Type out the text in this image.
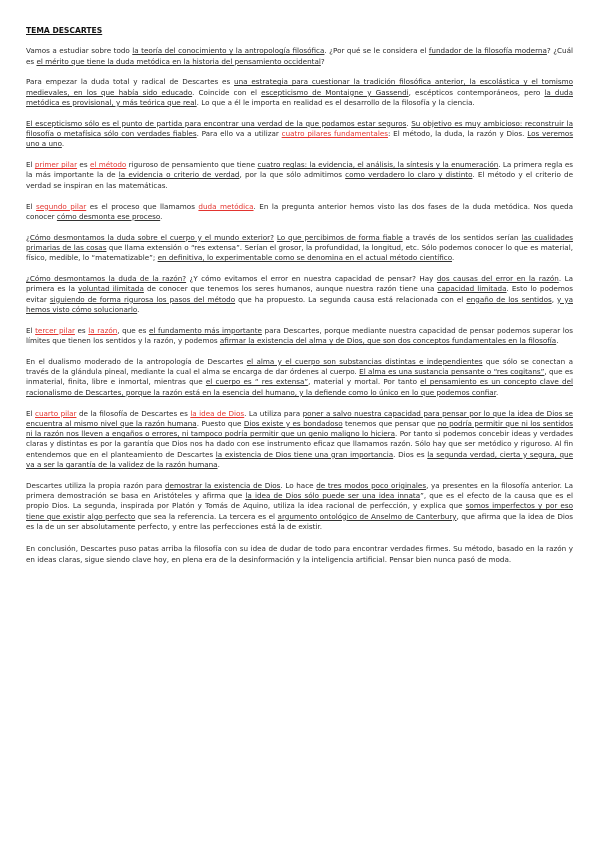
TEMA DESCARTES

Vamos a estudiar sobre todo la teoría del conocimiento y la antropología filosófica. ¿Por qué se le considera el fundador de la filosofía moderna? ¿Cuál es el mérito que tiene la duda metódica en la historia del pensamiento occidental?

Para empezar la duda total y radical de Descartes es una estrategia para cuestionar la tradición filosófica anterior, la escolástica y el tomismo medievales, en los que había sido educado. Coincide con el escepticismo de Montaigne y Gassendi, escépticos contemporáneos, pero la duda metódica es provisional, y más teórica que real. Lo que a él le importa en realidad es el desarrollo de la filosofía y la ciencia.

El escepticismo sólo es el punto de partida para encontrar una verdad de la que podamos estar seguros. Su objetivo es muy ambicioso: reconstruir la filosofía o metafísica sólo con verdades fiables. Para ello va a utilizar cuatro pilares fundamentales: El método, la duda, la razón y Dios. Los veremos uno a uno.

El primer pilar es el método riguroso de pensamiento que tiene cuatro reglas: la evidencia, el análisis, la síntesis y la enumeración. La primera regla es la más importante la de la evidencia o criterio de verdad, por la que sólo admitimos como verdadero lo claro y distinto. El método y el criterio de verdad se inspiran en las matemáticas.

El segundo pilar es el proceso que llamamos duda metódica. En la pregunta anterior hemos visto las dos fases de la duda metódica. Nos queda conocer cómo desmonta ese proceso.

¿Cómo desmontamos la duda sobre el cuerpo y el mundo exterior? Lo que percibimos de forma fiable a través de los sentidos serían las cualidades primarias de las cosas que llama extensión o “res extensa”. Serían el grosor, la profundidad, la longitud, etc. Sólo podemos conocer lo que es material, físico, medible, lo “matematizable”; en definitiva, lo experimentable como se denomina en el actual método científico.

¿Cómo desmontamos la duda de la razón? ¿Y cómo evitamos el error en nuestra capacidad de pensar? Hay dos causas del error en la razón. La primera es la voluntad ilimitada de conocer que tenemos los seres humanos, aunque nuestra razón tiene una capacidad limitada. Esto lo podemos evitar siguiendo de forma rigurosa los pasos del método que ha propuesto. La segunda causa está relacionada con el engaño de los sentidos, y ya hemos visto cómo solucionarlo.

El tercer pilar es la razón, que es el fundamento más importante para Descartes, porque mediante nuestra capacidad de pensar podemos superar los límites que tienen los sentidos y la razón, y podemos afirmar la existencia del alma y de Dios, que son dos conceptos fundamentales en la filosofía.

En el dualismo moderado de la antropología de Descartes el alma y el cuerpo son substancias distintas e independientes que sólo se conectan a través de la glándula pineal, mediante la cual el alma se encarga de dar órdenes al cuerpo. El alma es una sustancia pensante o “res cogitans”, que es inmaterial, finita, libre e inmortal, mientras que el cuerpo es “ res extensa”, material y mortal. Por tanto el pensamiento es un concepto clave del racionalismo de Descartes, porque la razón está en la esencia del humano, y la defiende como lo único en lo que podemos confiar.

El cuarto pilar de la filosofía de Descartes es la idea de Dios. La utiliza para poner a salvo nuestra capacidad para pensar por lo que la idea de Dios se encuentra al mismo nivel que la razón humana. Puesto que Dios existe y es bondadoso tenemos que pensar que no podría permitir que ni los sentidos ni la razón nos lleven a engaños o errores, ni tampoco podría permitir que un genio maligno lo hiciera. Por tanto si podemos concebir ideas y verdades claras y distintas es por la garantía que Dios nos ha dado con ese instrumento eficaz que llamamos razón. Sólo hay que ser metódico y riguroso. Al fin entendemos que en el planteamiento de Descartes la existencia de Dios tiene una gran importancia. Dios es la segunda verdad, cierta y segura, que va a ser la garantía de la validez de la razón humana.

Descartes utiliza la propia razón para demostrar la existencia de Dios. Lo hace de tres modos poco originales, ya presentes en la filosofía anterior. La primera demostración se basa en Aristóteles y afirma que la idea de Dios sólo puede ser una idea innata”, que es el efecto de la causa que es el propio Dios. La segunda, inspirada por Platón y Tomás de Aquino, utiliza la idea racional de perfección, y explica que somos imperfectos y por eso tiene que existir algo perfecto que sea la referencia. La tercera es el argumento ontológico de Anselmo de Canterbury, que afirma que la idea de Dios es la de un ser absolutamente perfecto, y entre las perfecciones está la de existir.

En conclusión, Descartes puso patas arriba la filosofía con su idea de dudar de todo para encontrar verdades firmes. Su método, basado en la razón y en ideas claras, sigue siendo clave hoy, en plena era de la desinformación y la inteligencia artificial. Pensar bien nunca pasó de moda.
